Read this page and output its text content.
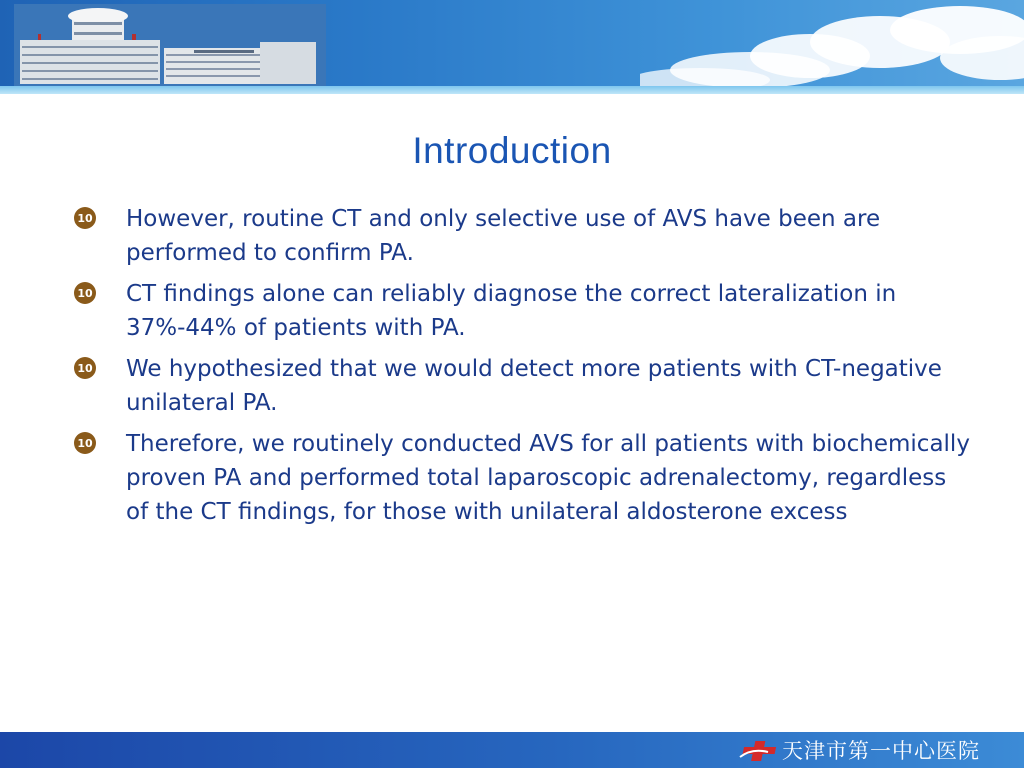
Introduction
10 However, routine CT and only selective use of AVS have been are performed to confirm PA.
10 CT findings alone can reliably diagnose the correct lateralization in 37%-44% of patients with PA.
10 We hypothesized that we would detect more patients with CT-negative unilateral PA.
10 Therefore, we routinely conducted AVS for all patients with biochemically proven PA and performed total laparoscopic adrenalectomy, regardless of the CT findings, for those with unilateral aldosterone excess
天津市第一中心医院
